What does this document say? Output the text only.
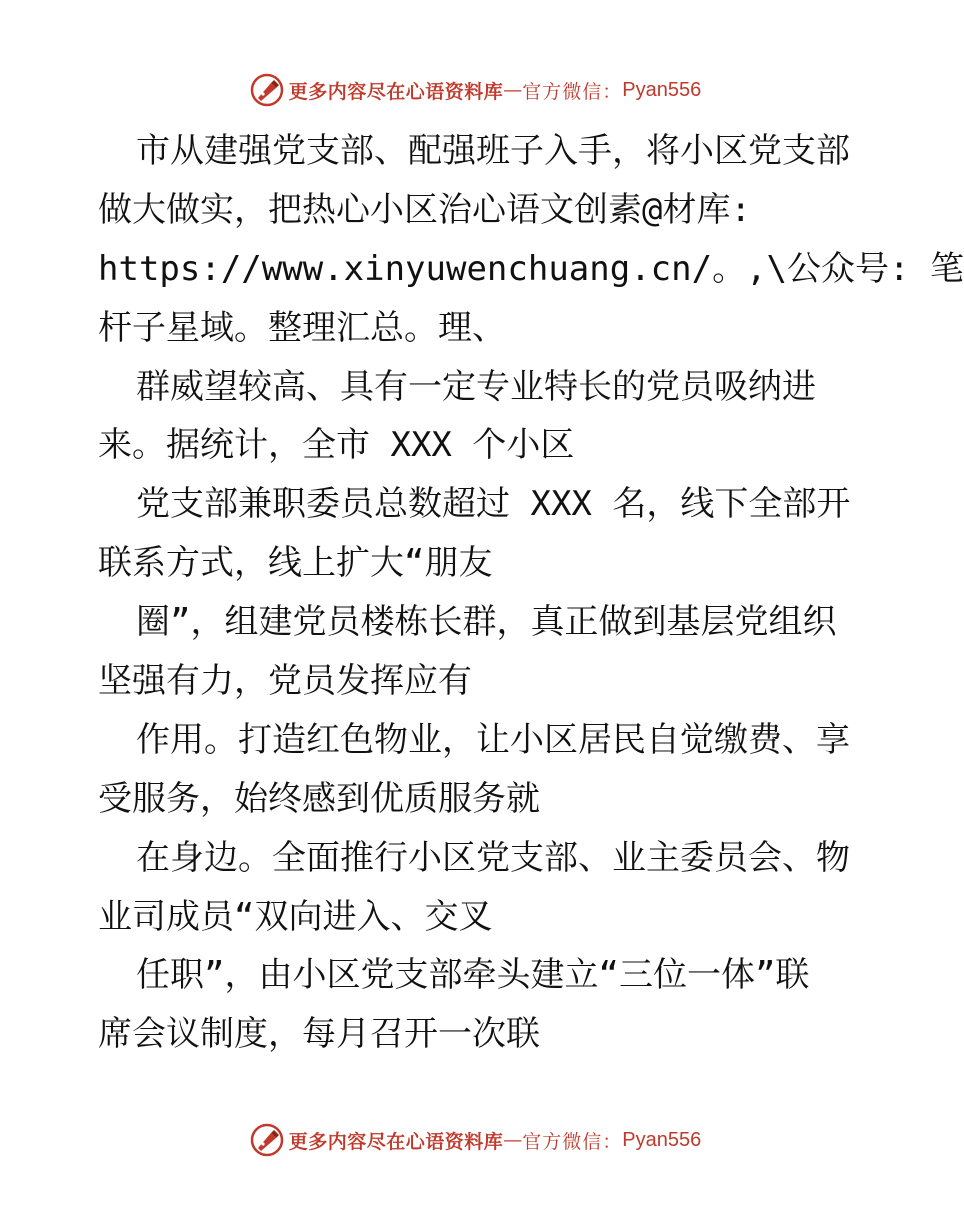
更多内容尽在心语资料库 — 官方微信： Pyan556
市从建强党支部、配强班子入手，将小区党支部
做大做实，把热心小区治心语文创素@材库:
https://www.xinyuwenchuang.cn/。,\公众号: 笔
杆子星域。整理汇总。理、
群威望较高、具有一定专业特长的党员吸纳进
来。据统计，全市 XXX 个小区
党支部兼职委员总数超过 XXX 名，线下全部开
联系方式，线上扩大“朋友
圈”，组建党员楼栋长群，真正做到基层党组织
坚强有力，党员发挥应有
作用。打造红色物业，让小区居民自觉缴费、享
受服务，始终感到优质服务就
在身边。全面推行小区党支部、业主委员会、物
业司成员“双向进入、交叉
任职”，由小区党支部牵头建立“三位一体”联
席会议制度，每月召开一次联
更多内容尽在心语资料库 — 官方微信： Pyan556
